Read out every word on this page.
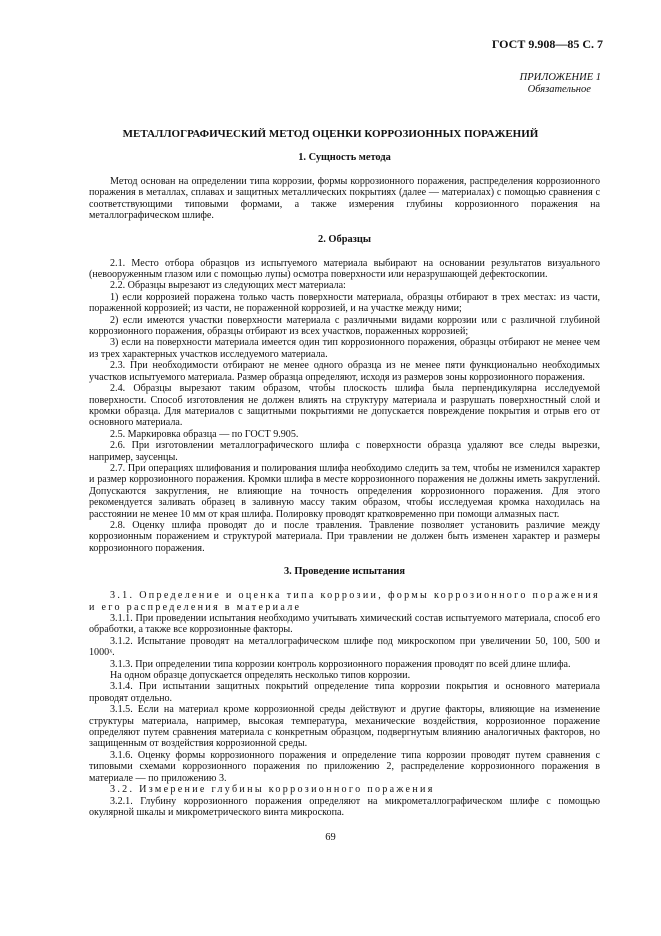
ГОСТ 9.908—85 С. 7
ПРИЛОЖЕНИЕ 1
Обязательное
МЕТАЛЛОГРАФИЧЕСКИЙ МЕТОД ОЦЕНКИ КОРРОЗИОННЫХ ПОРАЖЕНИЙ
1. Сущность метода

Метод основан на определении типа коррозии, формы коррозионного поражения, распределения коррозионного поражения в металлах, сплавах и защитных металлических покрытиях (далее — материалах) с помощью сравнения с соответствующими типовыми формами, а также измерения глубины коррозионного поражения на металлографическом шлифе.

2. Образцы

2.1. Место отбора образцов из испытуемого материала выбирают на основании результатов визуального (невооруженным глазом или с помощью лупы) осмотра поверхности или неразрушающей дефектоскопии.

2.2. Образцы вырезают из следующих мест материала:

1) если коррозией поражена только часть поверхности материала, образцы отбирают в трех местах: из части, пораженной коррозией; из части, не пораженной коррозией, и на участке между ними;

2) если имеются участки поверхности материала с различными видами коррозии или с различной глубиной коррозионного поражения, образцы отбирают из всех участков, пораженных коррозией;

3) если на поверхности материала имеется один тип коррозионного поражения, образцы отбирают не менее чем из трех характерных участков исследуемого материала.

2.3. При необходимости отбирают не менее одного образца из не менее пяти функционально необходимых участков испытуемого материала. Размер образца определяют, исходя из размеров зоны коррозионного поражения.

2.4. Образцы вырезают таким образом, чтобы плоскость шлифа была перпендикулярна исследуемой поверхности. Способ изготовления не должен влиять на структуру материала и разрушать поверхностный слой и кромки образца. Для материалов с защитными покрытиями не допускается повреждение покрытия и отрыв его от основного материала.

2.5. Маркировка образца — по ГОСТ 9.905.

2.6. При изготовлении металлографического шлифа с поверхности образца удаляют все следы вырезки, например, заусенцы.

2.7. При операциях шлифования и полирования шлифа необходимо следить за тем, чтобы не изменился характер и размер коррозионного поражения. Кромки шлифа в месте коррозионного поражения не должны иметь закруглений. Допускаются закругления, не влияющие на точность определения коррозионного поражения. Для этого рекомендуется заливать образец в заливную массу таким образом, чтобы исследуемая кромка находилась на расстоянии не менее 10 мм от края шлифа. Полировку проводят кратковременно при помощи алмазных паст.

2.8. Оценку шлифа проводят до и после травления. Травление позволяет установить различие между коррозионным поражением и структурой материала. При травлении не должен быть изменен характер и размеры коррозионного поражения.

3. Проведение испытания

3.1. Определение и оценка типа коррозии, формы коррозионного поражения и его распределения в материале

3.1.1. При проведении испытания необходимо учитывать химический состав испытуемого материала, способ его обработки, а также все коррозионные факторы.

3.1.2. Испытание проводят на металлографическом шлифе под микроскопом при увеличении 50, 100, 500 и 1000ˣ.

3.1.3. При определении типа коррозии контроль коррозионного поражения проводят по всей длине шлифа.

На одном образце допускается определять несколько типов коррозии.

3.1.4. При испытании защитных покрытий определение типа коррозии покрытия и основного материала проводят отдельно.

3.1.5. Если на материал кроме коррозионной среды действуют и другие факторы, влияющие на изменение структуры материала, например, высокая температура, механические воздействия, коррозионное поражение определяют путем сравнения материала с конкретным образцом, подвергнутым влиянию аналогичных факторов, но защищенным от воздействия коррозионной среды.

3.1.6. Оценку формы коррозионного поражения и определение типа коррозии проводят путем сравнения с типовыми схемами коррозионного поражения по приложению 2, распределение коррозионного поражения в материале — по приложению 3.

3.2. Измерение глубины коррозионного поражения

3.2.1. Глубину коррозионного поражения определяют на микрометаллографическом шлифе с помощью окулярной шкалы и микрометрического винта микроскопа.

69
